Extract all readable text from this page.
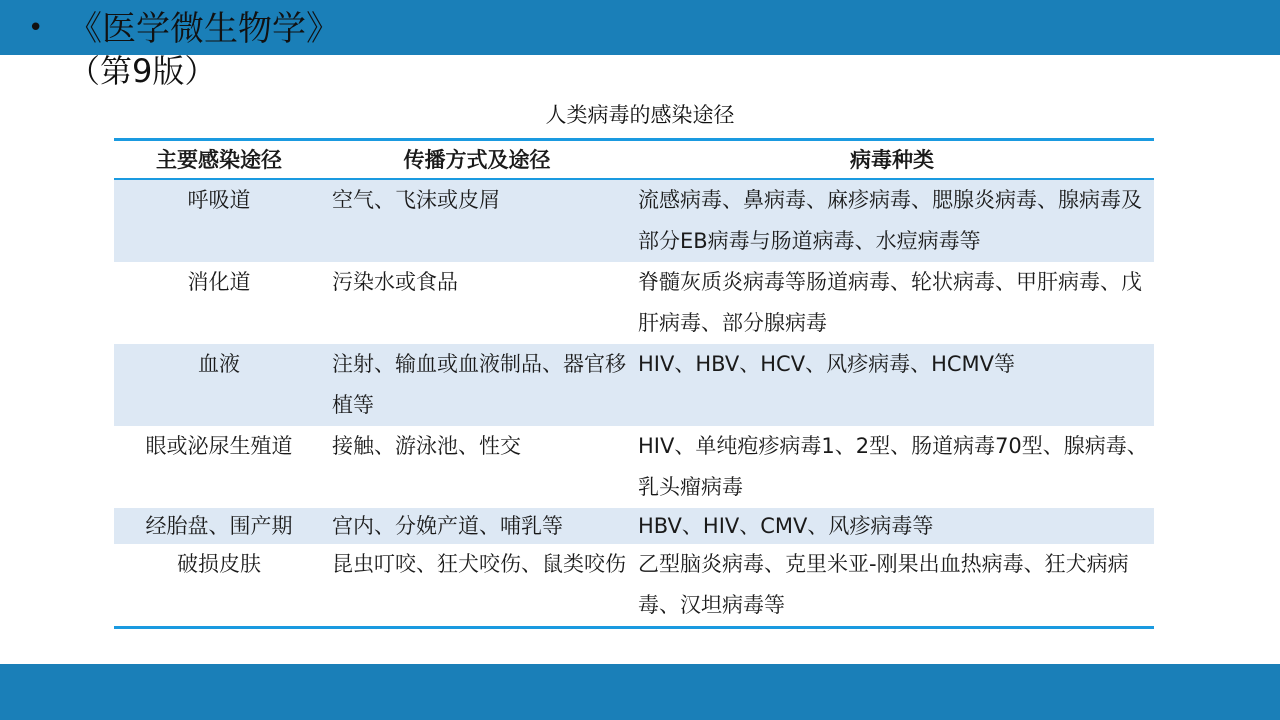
• 《医学微生物学》
（第9版）
人类病毒的感染途径
主要感染途径	传播方式及途径	病毒种类
呼吸道	空气、飞沫或皮屑	流感病毒、鼻病毒、麻疹病毒、腮腺炎病毒、腺病毒及部分EB病毒与肠道病毒、水痘病毒等
消化道	污染水或食品	脊髓灰质炎病毒等肠道病毒、轮状病毒、甲肝病毒、戊肝病毒、部分腺病毒
血液	注射、输血或血液制品、器官移植等	HIV、HBV、HCV、风疹病毒、HCMV等
眼或泌尿生殖道	接触、游泳池、性交	HIV、单纯疱疹病毒1、2型、肠道病毒70型、腺病毒、乳头瘤病毒
经胎盘、围产期	宫内、分娩产道、哺乳等	HBV、HIV、CMV、风疹病毒等
破损皮肤	昆虫叮咬、狂犬咬伤、鼠类咬伤	乙型脑炎病毒、克里米亚-刚果出血热病毒、狂犬病病毒、汉坦病毒等
